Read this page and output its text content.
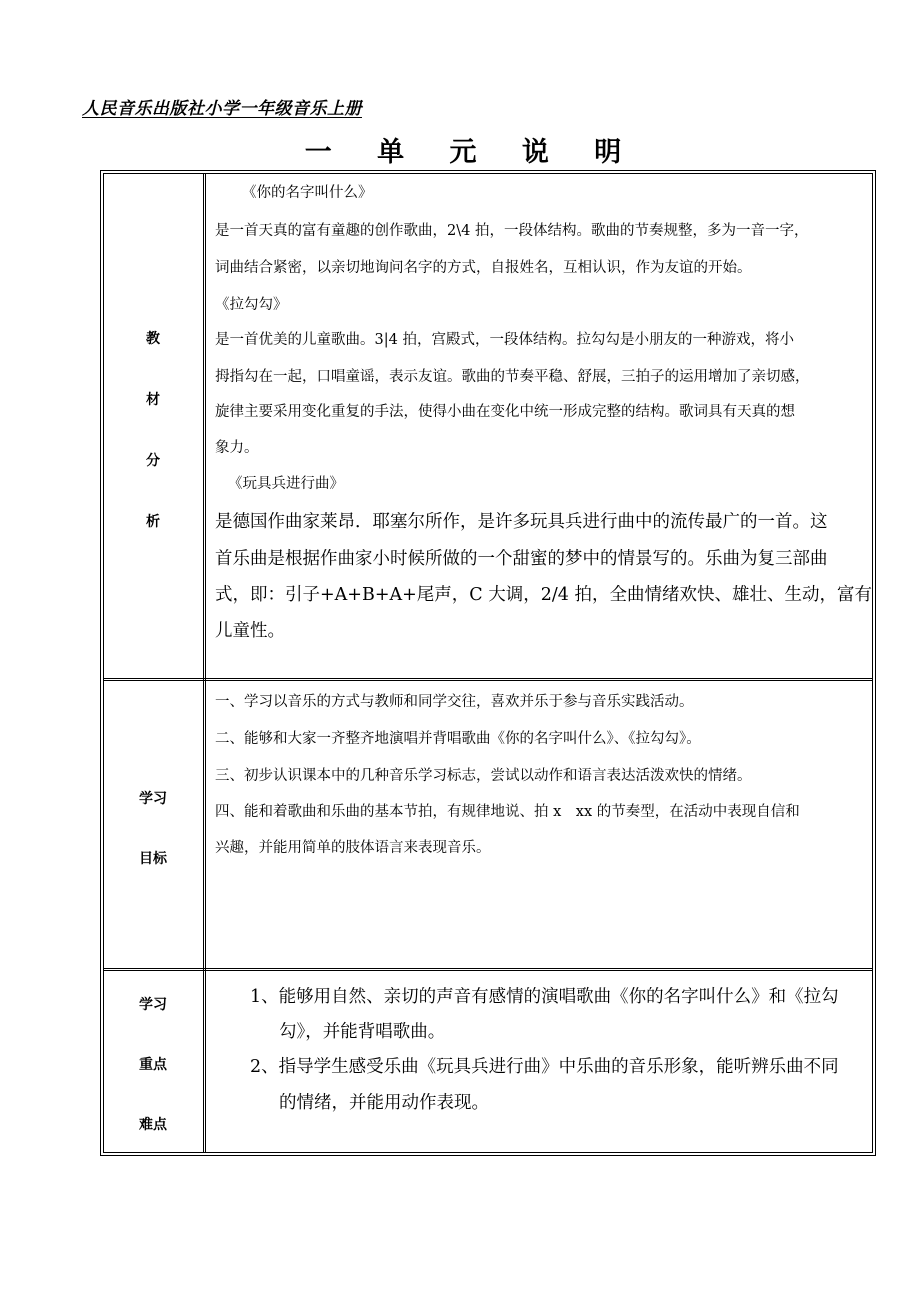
人民音乐出版社小学一年级音乐上册
一 单 元 说 明
教
材
分
析
《你的名字叫什么》
是一首天真的富有童趣的创作歌曲，2\4 拍，一段体结构。歌曲的节奏规整，多为一音一字，
词曲结合紧密，以亲切地询问名字的方式，自报姓名，互相认识，作为友谊的开始。
《拉勾勾》
是一首优美的儿童歌曲。3|4 拍，宫殿式，一段体结构。拉勾勾是小朋友的一种游戏，将小
拇指勾在一起，口唱童谣，表示友谊。歌曲的节奏平稳、舒展，三拍子的运用增加了亲切感，
旋律主要采用变化重复的手法，使得小曲在变化中统一形成完整的结构。歌词具有天真的想
象力。
《玩具兵进行曲》
是德国作曲家莱昂．耶塞尔所作，是许多玩具兵进行曲中的流传最广的一首。这
首乐曲是根据作曲家小时候所做的一个甜蜜的梦中的情景写的。乐曲为复三部曲
式，即：引子+A+B+A+尾声，C 大调，2/4 拍，全曲情绪欢快、雄壮、生动，富有
儿童性。
学习
目标
一、学习以音乐的方式与教师和同学交往，喜欢并乐于参与音乐实践活动。
二、能够和大家一齐整齐地演唱并背唱歌曲《你的名字叫什么》、《拉勾勾》。
三、初步认识课本中的几种音乐学习标志，尝试以动作和语言表达活泼欢快的情绪。
四、能和着歌曲和乐曲的基本节拍，有规律地说、拍 x　xx 的节奏型，在活动中表现自信和
兴趣，并能用简单的肢体语言来表现音乐。
学习
重点
难点
1、能够用自然、亲切的声音有感情的演唱歌曲《你的名字叫什么》和《拉勾
勾》，并能背唱歌曲。
2、指导学生感受乐曲《玩具兵进行曲》中乐曲的音乐形象，能听辨乐曲不同
的情绪，并能用动作表现。
